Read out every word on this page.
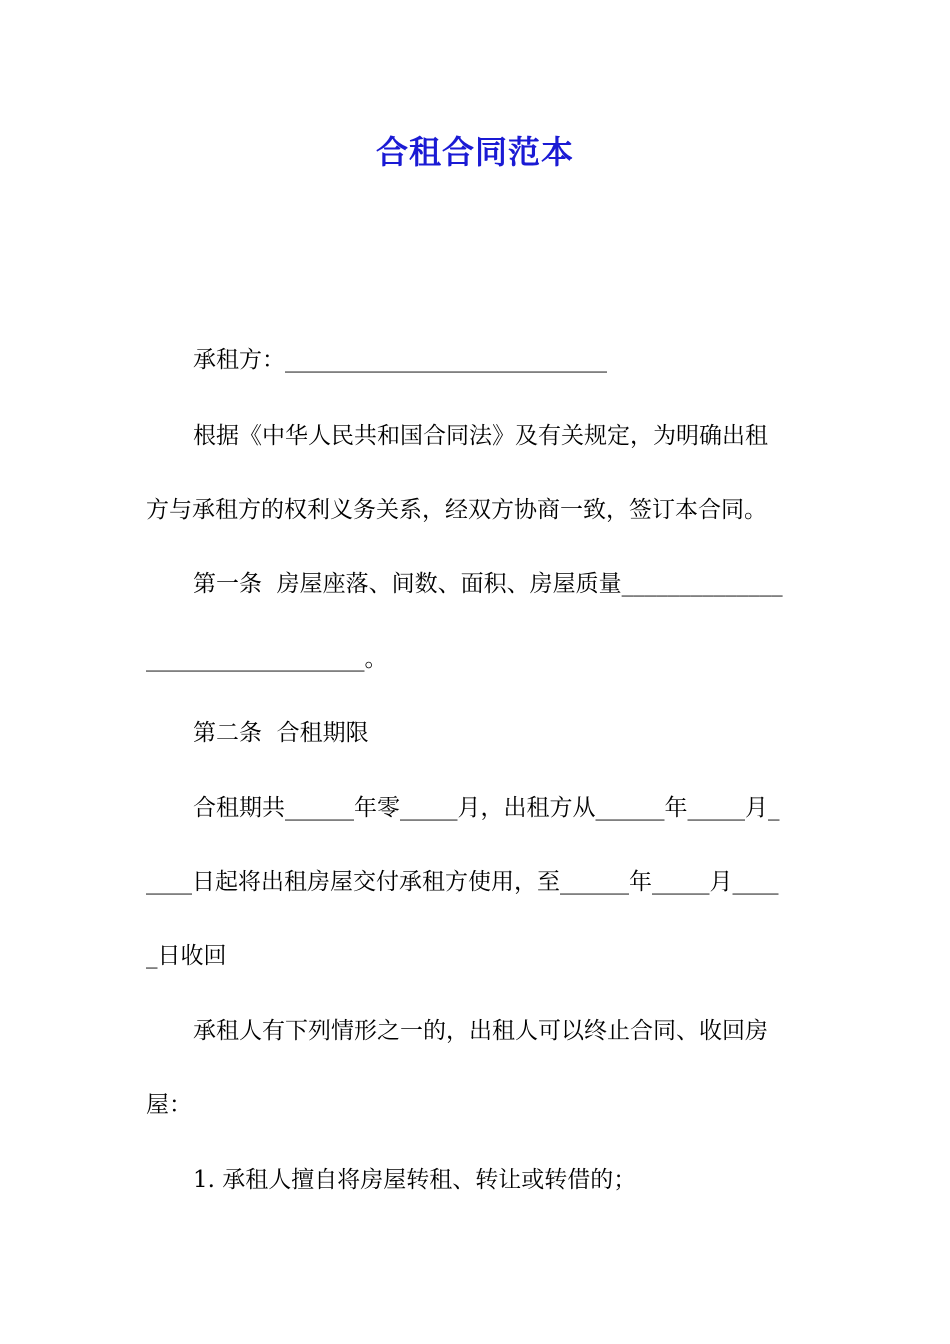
合租合同范本
承租方：____________________________
根据《中华人民共和国合同法》及有关规定，为明确出租
方与承租方的权利义务关系，经双方协商一致，签订本合同。
第一条  房屋座落、间数、面积、房屋质量______________
___________________。
第二条  合租期限
合租期共______年零_____月，出租方从______年_____月_
____日起将出租房屋交付承租方使用，至______年_____月____
_日收回
承租人有下列情形之一的，出租人可以终止合同、收回房
屋：
1. 承租人擅自将房屋转租、转让或转借的；
